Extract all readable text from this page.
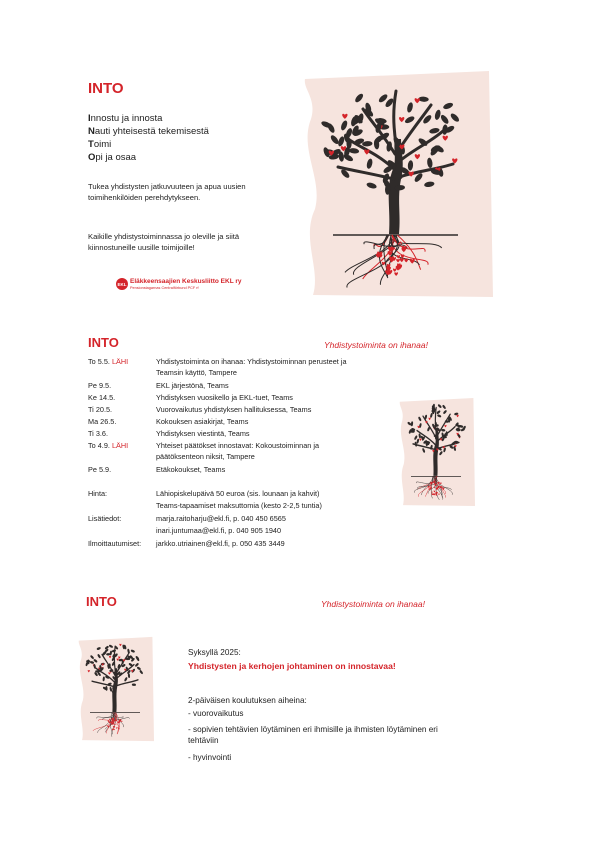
INTO
Innostu ja innosta
Nauti yhteisestä tekemisestä
Toimi
Opi ja osaa
Tukea yhdistysten jatkuvuuteen ja apua uusien toimihenkilöiden perehdytykseen.
Kaikille yhdistystoiminnassa jo oleville ja siitä kiinnostuneille uusille toimijoille!
EKL Eläkkeensaajien Keskusliitto EKL ry
Pensionstagarnas Centralförbund PCF rf
INTO	Yhdistystoiminta on ihanaa!
To 5.5. LÄHI	Yhdistystoiminta on ihanaa: Yhdistystoiminnan perusteet ja
Teamsin käyttö, Tampere
Pe 9.5.	EKL järjestönä, Teams
Ke 14.5.	Yhdistyksen vuosikello ja EKL-tuet, Teams
Ti 20.5.	Vuorovaikutus yhdistyksen hallituksessa, Teams
Ma 26.5.	Kokouksen asiakirjat, Teams
Ti 3.6.	Yhdistyksen viestintä, Teams
To 4.9. LÄHI	Yhteiset päätökset innostavat: Kokoustoiminnan ja
päätöksenteon niksit, Tampere
Pe 5.9.	Etäkokoukset, Teams
Hinta:	Lähiopiskelupäivä 50 euroa (sis. lounaan ja kahvit)
Teams-tapaamiset maksuttomia (kesto 2-2,5 tuntia)
Lisätiedot:	marja.raitoharju@ekl.fi, p. 040 450 6565
inari.juntumaa@ekl.fi, p. 040 905 1940
Ilmoittautumiset:	jarkko.utriainen@ekl.fi, p. 050 435 3449
INTO	Yhdistystoiminta on ihanaa!
Syksyllä 2025:
Yhdistysten ja kerhojen johtaminen on innostavaa!
2-päiväisen koulutuksen aiheina:
- vuorovaikutus
- sopivien tehtävien löytäminen eri ihmisille ja ihmisten löytäminen eri tehtäviin
- hyvinvointi
